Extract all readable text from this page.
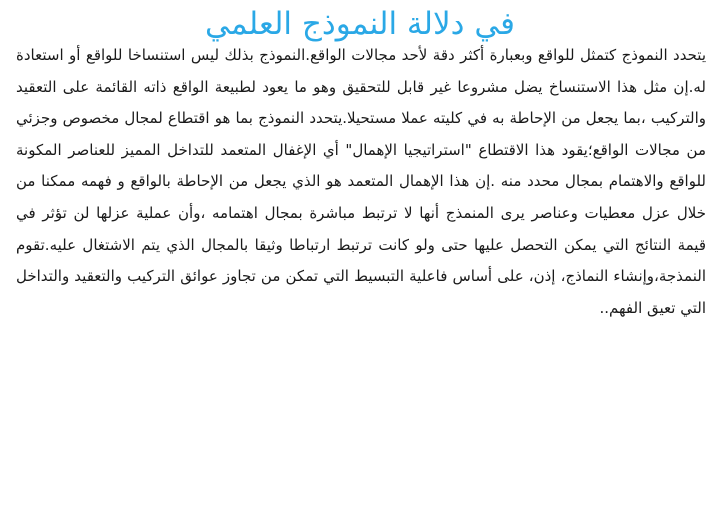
في دلالة النموذج العلمي

يتحدد النموذج كتمثل للواقع وبعبارة أكثر دقة لأحد مجالات الواقع.النموذج بذلك ليس استنساخا للواقع أو استعادة له.إن مثل هذا الاستنساخ يضل مشروعا غير قابل للتحقيق وهو ما يعود لطبيعة الواقع ذاته القائمة على التعقيد والتركيب ،بما يجعل من الإحاطة به في كليته عملا مستحيلا.يتحدد النموذج بما هو اقتطاع لمجال مخصوص وجزئي من مجالات الواقع؛يقود هذا الاقتطاع "استراتيجيا الإهمال" أي الإغفال المتعمد للتداخل المميز للعناصر المكونة للواقع والاهتمام بمجال محدد منه .إن هذا الإهمال المتعمد هو الذي يجعل من الإحاطة بالواقع و فهمه ممكنا من خلال عزل معطيات وعناصر يرى المنمذج أنها لا ترتبط مباشرة بمجال اهتمامه ،وأن عملية عزلها لن تؤثر في قيمة النتائج التي يمكن التحصل عليها حتى ولو كانت ترتبط ارتباطا وثيقا بالمجال الذي يتم الاشتغال عليه.تقوم النمذجة،وإنشاء النماذج، إذن، على أساس فاعلية التبسيط التي تمكن من تجاوز عوائق التركيب والتعقيد والتداخل التي تعيق الفهم..
